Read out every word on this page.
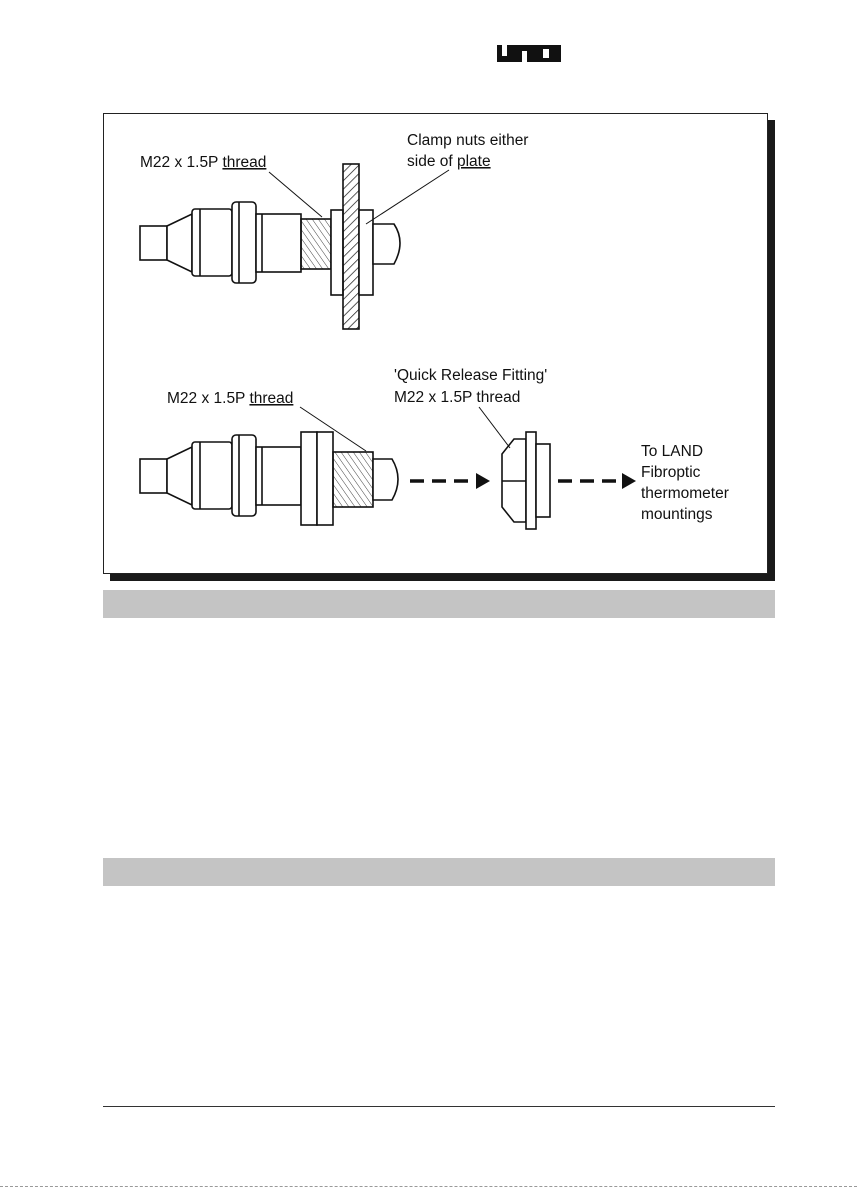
M22 x 1.5P thread
Clamp nuts either
side of plate
M22 x 1.5P thread
'Quick Release Fitting'
M22 x 1.5P thread
To LAND
Fibroptic
thermometer
mountings
